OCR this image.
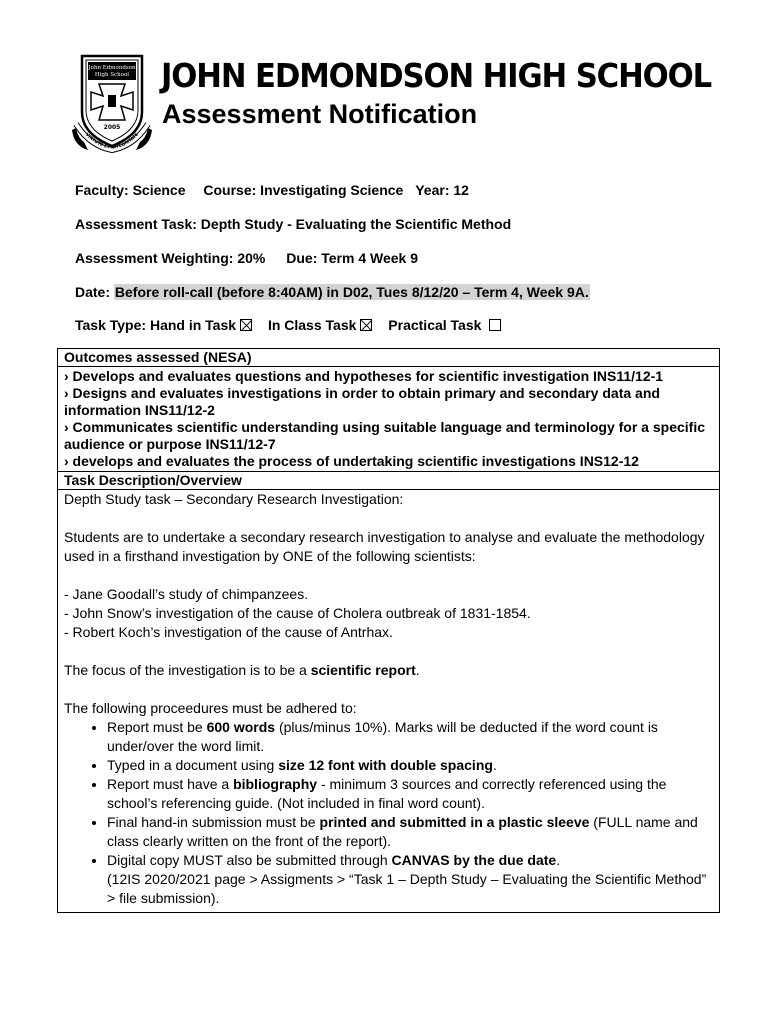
John Edmondson
High School
2005
VIRTUTE ET INTEGRITATE
JOHN EDMONDSON HIGH SCHOOL
Assessment Notification
Faculty: Science Course: Investigating Science Year: 12
Assessment Task: Depth Study - Evaluating the Scientific Method
Assessment Weighting: 20% Due: Term 4 Week 9
Date: Before roll-call (before 8:40AM) in D02, Tues 8/12/20 – Term 4, Week 9A.
Task Type: Hand in Task In Class Task Practical Task
Outcomes assessed (NESA)

› Develops and evaluates questions and hypotheses for scientific investigation INS11/12-1
› Designs and evaluates investigations in order to obtain primary and secondary data and information INS11/12-2
› Communicates scientific understanding using suitable language and terminology for a specific audience or purpose INS11/12-7
› develops and evaluates the process of undertaking scientific investigations INS12-12

Task Description/Overview

Depth Study task – Secondary Research Investigation:

Students are to undertake a secondary research investigation to analyse and evaluate the methodology used in a firsthand investigation by ONE of the following scientists:

- Jane Goodall’s study of chimpanzees.

- John Snow’s investigation of the cause of Cholera outbreak of 1831-1854.

- Robert Koch’s investigation of the cause of Antrhax.

The focus of the investigation is to be a scientific report.

The following proceedures must be adhered to:

• Report must be 600 words (plus/minus 10%). Marks will be deducted if the word count is under/over the word limit.
• Typed in a document using size 12 font with double spacing.
• Report must have a bibliography - minimum 3 sources and correctly referenced using the school’s referencing guide. (Not included in final word count).
• Final hand-in submission must be printed and submitted in a plastic sleeve (FULL name and class clearly written on the front of the report).
• Digital copy MUST also be submitted through CANVAS by the due date.
(12IS 2020/2021 page > Assigments > “Task 1 – Depth Study – Evaluating the Scientific Method” > file submission).
